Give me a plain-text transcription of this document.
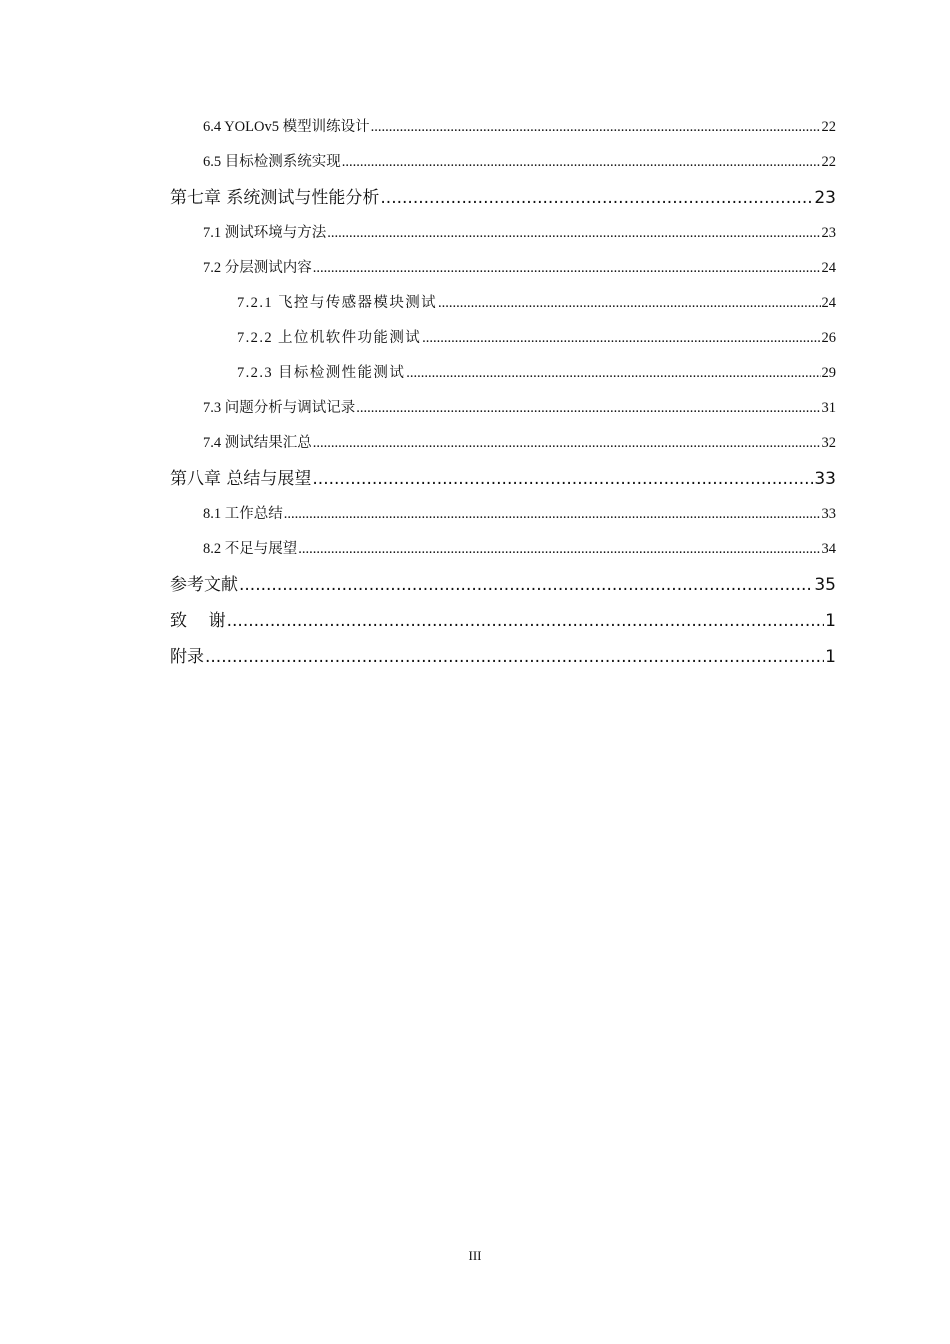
6.4 YOLOv5 模型训练设计 .....	22
6.5 目标检测系统实现 .....	22
第七章 系统测试与性能分析 .....	23
7.1 测试环境与方法 .....	23
7.2 分层测试内容 .....	24
7.2.1 飞控与传感器模块测试 .....	24
7.2.2 上位机软件功能测试 .....	26
7.2.3 目标检测性能测试 .....	29
7.3 问题分析与调试记录 .....	31
7.4 测试结果汇总 .....	32
第八章 总结与展望 .....	33
8.1 工作总结 .....	33
8.2 不足与展望 .....	34
参考文献 .....	35
致    谢 .....	1
附录 .....	1
III
